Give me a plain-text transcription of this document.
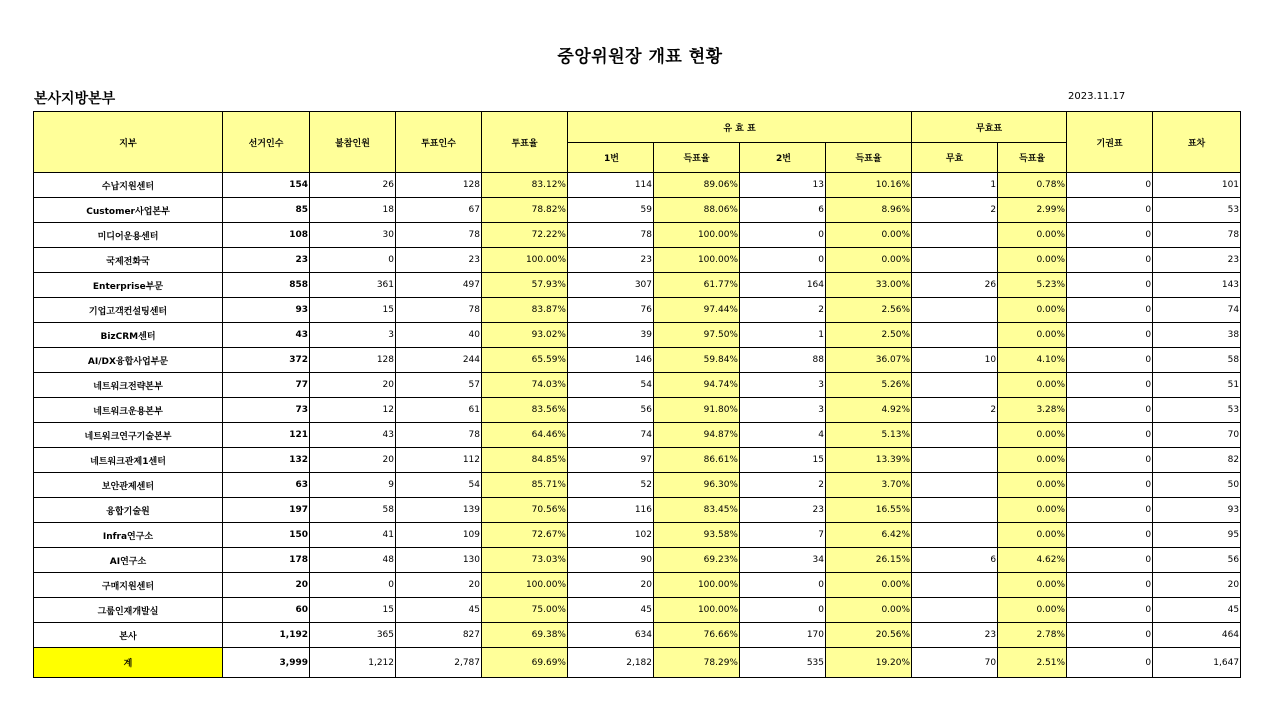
중앙위원장 개표 현황
본사지방본부	2023.11.17
지부	선거인수	불참인원	투표인수	투표율	유 효 표				무효표		기권표	표차
					1번	득표율	2번	득표율	무효	득표율		
수납지원센터	154	26	128	83.12%	114	89.06%	13	10.16%	1	0.78%	0	101
Customer사업본부	85	18	67	78.82%	59	88.06%	6	8.96%	2	2.99%	0	53
미디어운용센터	108	30	78	72.22%	78	100.00%	0	0.00%		0.00%	0	78
국제전화국	23	0	23	100.00%	23	100.00%	0	0.00%		0.00%	0	23
Enterprise부문	858	361	497	57.93%	307	61.77%	164	33.00%	26	5.23%	0	143
기업고객컨설팅센터	93	15	78	83.87%	76	97.44%	2	2.56%		0.00%	0	74
BizCRM센터	43	3	40	93.02%	39	97.50%	1	2.50%		0.00%	0	38
AI/DX융합사업부문	372	128	244	65.59%	146	59.84%	88	36.07%	10	4.10%	0	58
네트워크전략본부	77	20	57	74.03%	54	94.74%	3	5.26%		0.00%	0	51
네트워크운용본부	73	12	61	83.56%	56	91.80%	3	4.92%	2	3.28%	0	53
네트워크연구기술본부	121	43	78	64.46%	74	94.87%	4	5.13%		0.00%	0	70
네트워크관제1센터	132	20	112	84.85%	97	86.61%	15	13.39%		0.00%	0	82
보안관제센터	63	9	54	85.71%	52	96.30%	2	3.70%		0.00%	0	50
융합기술원	197	58	139	70.56%	116	83.45%	23	16.55%		0.00%	0	93
Infra연구소	150	41	109	72.67%	102	93.58%	7	6.42%		0.00%	0	95
AI연구소	178	48	130	73.03%	90	69.23%	34	26.15%	6	4.62%	0	56
구매지원센터	20	0	20	100.00%	20	100.00%	0	0.00%		0.00%	0	20
그룹인재개발실	60	15	45	75.00%	45	100.00%	0	0.00%		0.00%	0	45
본사	1,192	365	827	69.38%	634	76.66%	170	20.56%	23	2.78%	0	464
계	3,999	1,212	2,787	69.69%	2,182	78.29%	535	19.20%	70	2.51%	0	1,647
